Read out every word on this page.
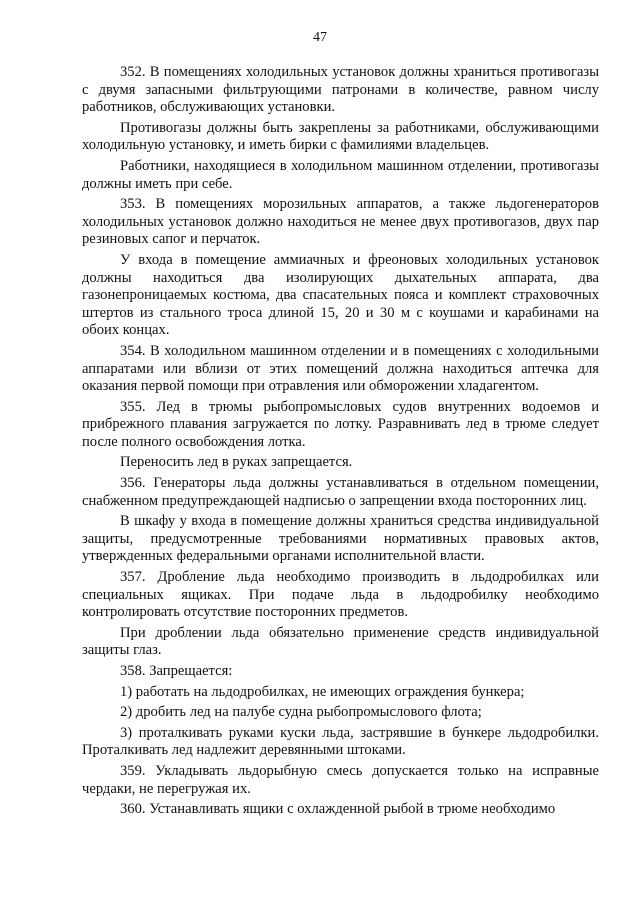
47

352. В помещениях холодильных установок должны храниться противогазы с двумя запасными фильтрующими патронами в количестве, равном числу работников, обслуживающих установки.

Противогазы должны быть закреплены за работниками, обслуживающими холодильную установку, и иметь бирки с фамилиями владельцев.

Работники, находящиеся в холодильном машинном отделении, противогазы должны иметь при себе.

353. В помещениях морозильных аппаратов, а также льдогенераторов холодильных установок должно находиться не менее двух противогазов, двух пар резиновых сапог и перчаток.

У входа в помещение аммиачных и фреоновых холодильных установок должны находиться два изолирующих дыхательных аппарата, два газонепроницаемых костюма, два спасательных пояса и комплект страховочных штертов из стального троса длиной 15, 20 и 30 м с коушами и карабинами на обоих концах.

354. В холодильном машинном отделении и в помещениях с холодильными аппаратами или вблизи от этих помещений должна находиться аптечка для оказания первой помощи при отравления или обморожении хладагентом.

355. Лед в трюмы рыбопромысловых судов внутренних водоемов и прибрежного плавания загружается по лотку. Разравнивать лед в трюме следует после полного освобождения лотка.

Переносить лед в руках запрещается.

356. Генераторы льда должны устанавливаться в отдельном помещении, снабженном предупреждающей надписью о запрещении входа посторонних лиц.

В шкафу у входа в помещение должны храниться средства индивидуальной защиты, предусмотренные требованиями нормативных правовых актов, утвержденных федеральными органами исполнительной власти.

357. Дробление льда необходимо производить в льдодробилках или специальных ящиках. При подаче льда в льдодробилку необходимо контролировать отсутствие посторонних предметов.

При дроблении льда обязательно применение средств индивидуальной защиты глаз.

358. Запрещается:

1) работать на льдодробилках, не имеющих ограждения бункера;

2) дробить лед на палубе судна рыбопромыслового флота;

3) проталкивать руками куски льда, застрявшие в бункере льдодробилки. Проталкивать лед надлежит деревянными штоками.

359. Укладывать льдорыбную смесь допускается только на исправные чердаки, не перегружая их.

360. Устанавливать ящики с охлажденной рыбой в трюме необходимо
